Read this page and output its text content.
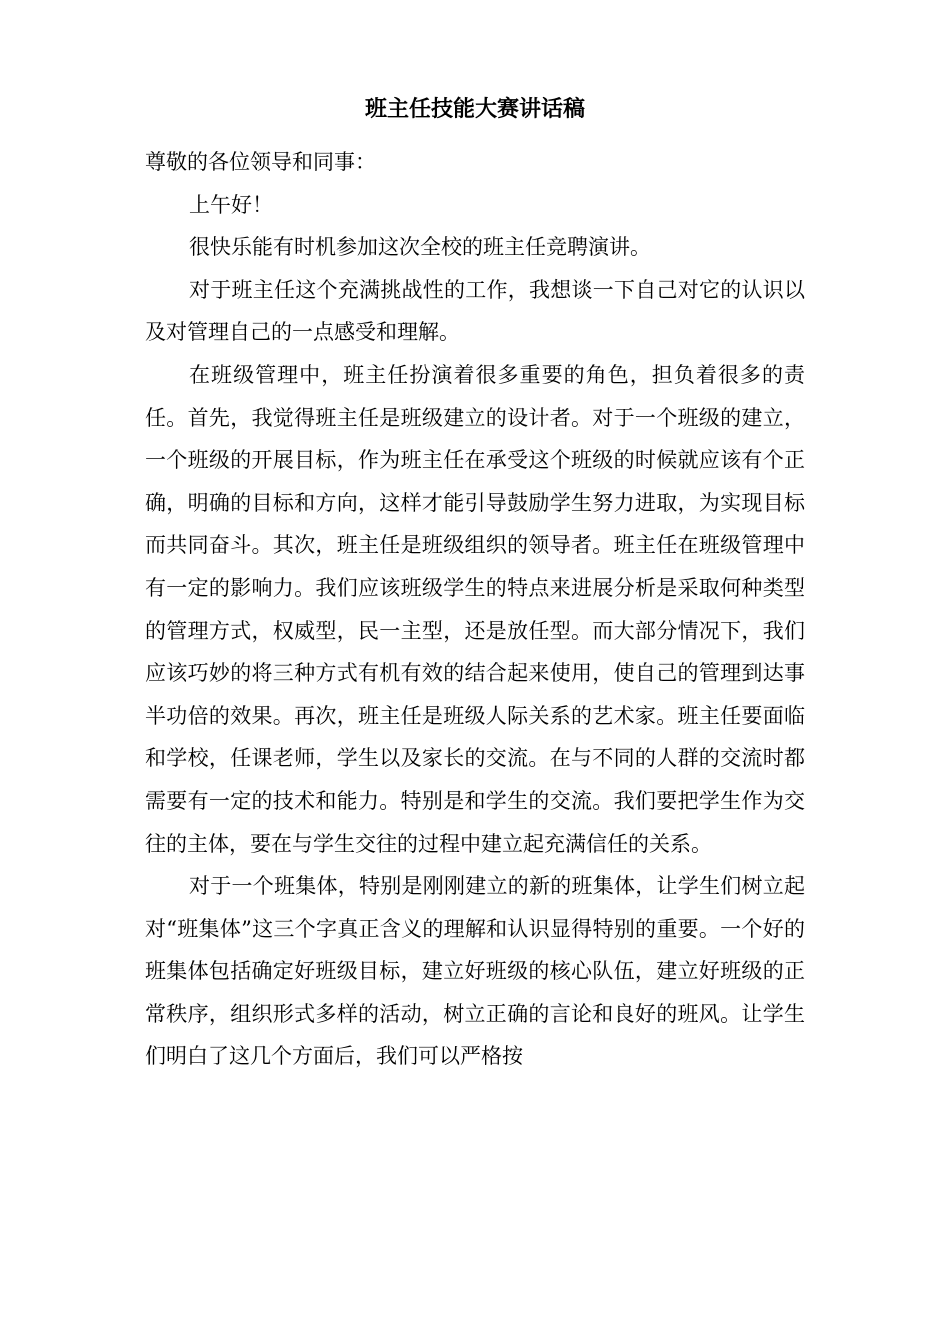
班主任技能大赛讲话稿

尊敬的各位领导和同事：

上午好！

很快乐能有时机参加这次全校的班主任竞聘演讲。

对于班主任这个充满挑战性的工作，我想谈一下自己对它的认识以及对管理自己的一点感受和理解。

在班级管理中，班主任扮演着很多重要的角色，担负着很多的责任。首先，我觉得班主任是班级建立的设计者。对于一个班级的建立，一个班级的开展目标，作为班主任在承受这个班级的时候就应该有个正确，明确的目标和方向，这样才能引导鼓励学生努力进取，为实现目标而共同奋斗。其次，班主任是班级组织的领导者。班主任在班级管理中有一定的影响力。我们应该班级学生的特点来进展分析是采取何种类型的管理方式，权威型，民一主型，还是放任型。而大部分情况下，我们应该巧妙的将三种方式有机有效的结合起来使用，使自己的管理到达事半功倍的效果。再次，班主任是班级人际关系的艺术家。班主任要面临和学校，任课老师，学生以及家长的交流。在与不同的人群的交流时都需要有一定的技术和能力。特别是和学生的交流。我们要把学生作为交往的主体，要在与学生交往的过程中建立起充满信任的关系。

对于一个班集体，特别是刚刚建立的新的班集体，让学生们树立起对“班集体”这三个字真正含义的理解和认识显得特别的重要。一个好的班集体包括确定好班级目标，建立好班级的核心队伍，建立好班级的正常秩序，组织形式多样的活动，树立正确的言论和良好的班风。让学生们明白了这几个方面后，我们可以严格按
